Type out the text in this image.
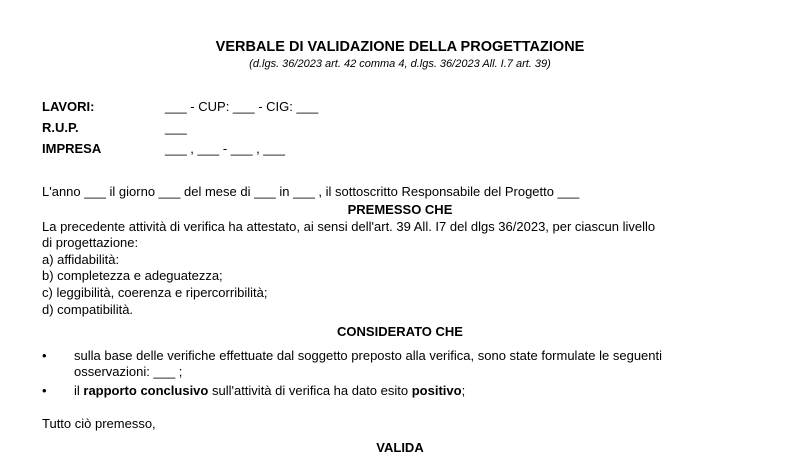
VERBALE DI VALIDAZIONE DELLA PROGETTAZIONE
(d.lgs. 36/2023 art. 42 comma 4, d.lgs. 36/2023 All. I.7 art. 39)
LAVORI:	___ - CUP: ___ - CIG: ___
R.U.P.	___
IMPRESA	___ , ___ - ___ , ___
L'anno ___ il giorno ___ del mese di ___ in ___ , il sottoscritto Responsabile del Progetto ___
PREMESSO CHE
La precedente attività di verifica ha attestato, ai sensi dell'art. 39 All. I7 del dlgs 36/2023, per ciascun livello
di progettazione:
a) affidabilità:
b) completezza e adeguatezza;
c) leggibilità, coerenza e ripercorribilità;
d) compatibilità.
CONSIDERATO CHE
• sulla base delle verifiche effettuate dal soggetto preposto alla verifica, sono state formulate le seguenti
osservazioni: ___ ;
• il rapporto conclusivo sull'attività di verifica ha dato esito positivo;
Tutto ciò premesso,
VALIDA
